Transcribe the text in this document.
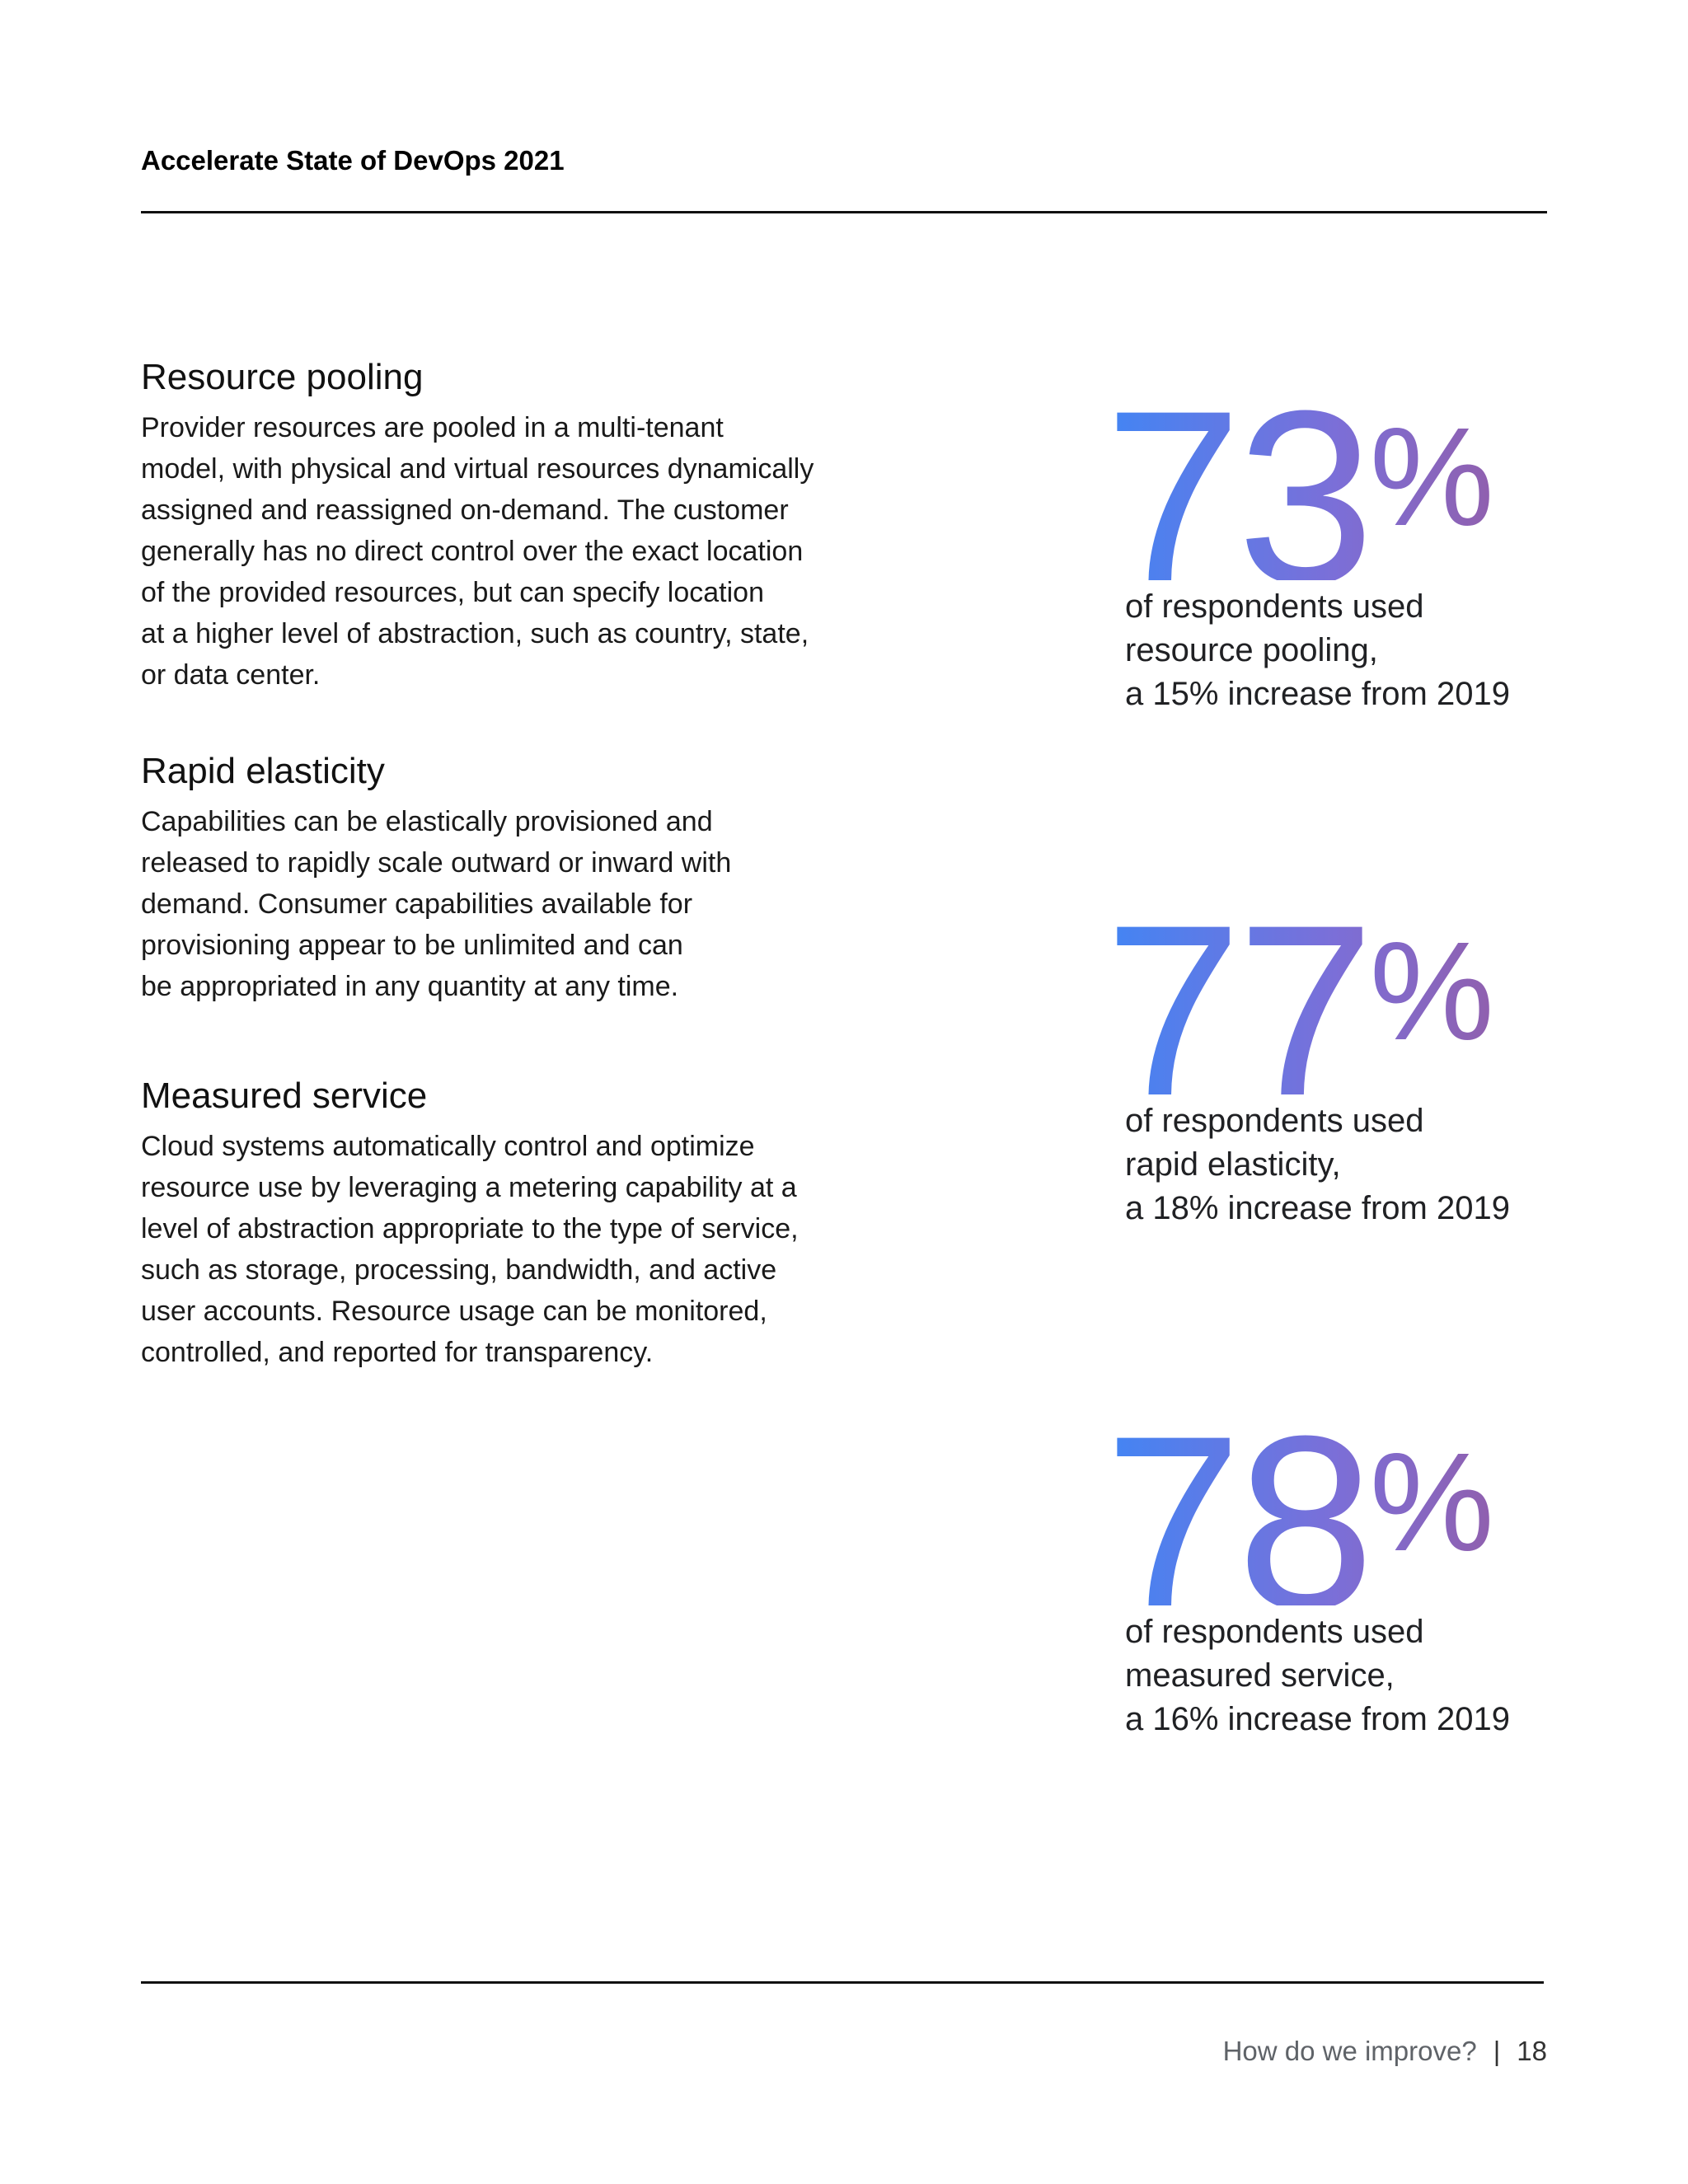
Accelerate State of DevOps 2021
Resource pooling

Provider resources are pooled in a multi-tenant
model, with physical and virtual resources dynamically
assigned and reassigned on-demand. The customer
generally has no direct control over the exact location
of the provided resources, but can specify location
at a higher level of abstraction, such as country, state,
or data center.

Rapid elasticity

Capabilities can be elastically provisioned and
released to rapidly scale outward or inward with
demand. Consumer capabilities available for
provisioning appear to be unlimited and can
be appropriated in any quantity at any time.

Measured service

Cloud systems automatically control and optimize
resource use by leveraging a metering capability at a
level of abstraction appropriate to the type of service,
such as storage, processing, bandwidth, and active
user accounts. Resource usage can be monitored,
controlled, and reported for transparency.

73%
of respondents used
resource pooling,
a 15% increase from 2019
77%
of respondents used
rapid elasticity,
a 18% increase from 2019
78%
of respondents used
measured service,
a 16% increase from 2019
How do we improve? | 18
